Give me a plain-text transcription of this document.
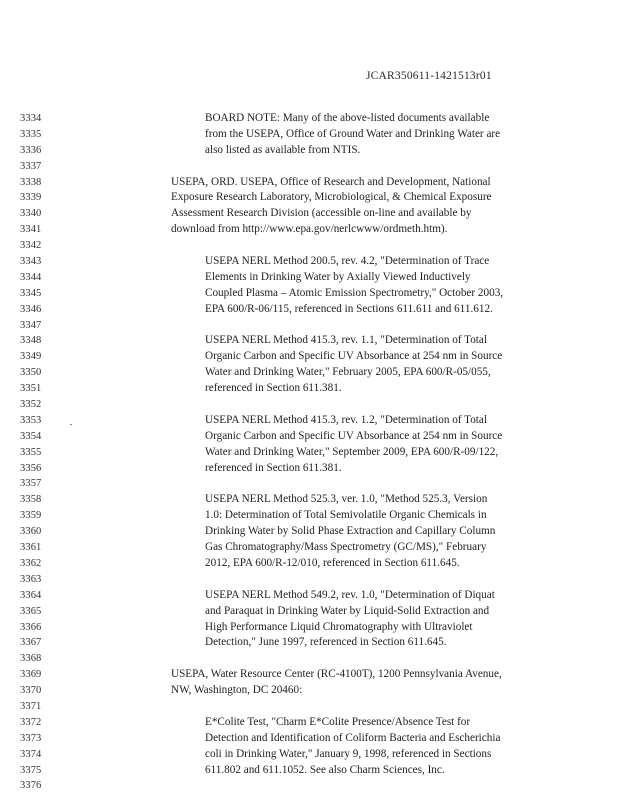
JCAR350611-1421513r01
3334	BOARD NOTE: Many of the above-listed documents available
3335	from the USEPA, Office of Ground Water and Drinking Water are
3336	also listed as available from NTIS.
3337
3338	USEPA, ORD. USEPA, Office of Research and Development, National
3339	Exposure Research Laboratory, Microbiological, & Chemical Exposure
3340	Assessment Research Division (accessible on-line and available by
3341	download from http://www.epa.gov/nerlcwww/ordmeth.htm).
3342
3343	USEPA NERL Method 200.5, rev. 4.2, "Determination of Trace
3344	Elements in Drinking Water by Axially Viewed Inductively
3345	Coupled Plasma – Atomic Emission Spectrometry," October 2003,
3346	EPA 600/R-06/115, referenced in Sections 611.611 and 611.612.
3347
3348	USEPA NERL Method 415.3, rev. 1.1, "Determination of Total
3349	Organic Carbon and Specific UV Absorbance at 254 nm in Source
3350	Water and Drinking Water," February 2005, EPA 600/R-05/055,
3351	referenced in Section 611.381.
3352
3353	USEPA NERL Method 415.3, rev. 1.2, "Determination of Total
3354	Organic Carbon and Specific UV Absorbance at 254 nm in Source
3355	Water and Drinking Water," September 2009, EPA 600/R-09/122,
3356	referenced in Section 611.381.
3357
3358	USEPA NERL Method 525.3, ver. 1.0, "Method 525.3, Version
3359	1.0: Determination of Total Semivolatile Organic Chemicals in
3360	Drinking Water by Solid Phase Extraction and Capillary Column
3361	Gas Chromatography/Mass Spectrometry (GC/MS)," February
3362	2012, EPA 600/R-12/010, referenced in Section 611.645.
3363
3364	USEPA NERL Method 549.2, rev. 1.0, "Determination of Diquat
3365	and Paraquat in Drinking Water by Liquid-Solid Extraction and
3366	High Performance Liquid Chromatography with Ultraviolet
3367	Detection," June 1997, referenced in Section 611.645.
3368
3369	USEPA, Water Resource Center (RC-4100T), 1200 Pennsylvania Avenue,
3370	NW, Washington, DC 20460:
3371
3372	E*Colite Test, "Charm E*Colite Presence/Absence Test for
3373	Detection and Identification of Coliform Bacteria and Escherichia
3374	coli in Drinking Water," January 9, 1998, referenced in Sections
3375	611.802 and 611.1052. See also Charm Sciences, Inc.
3376
